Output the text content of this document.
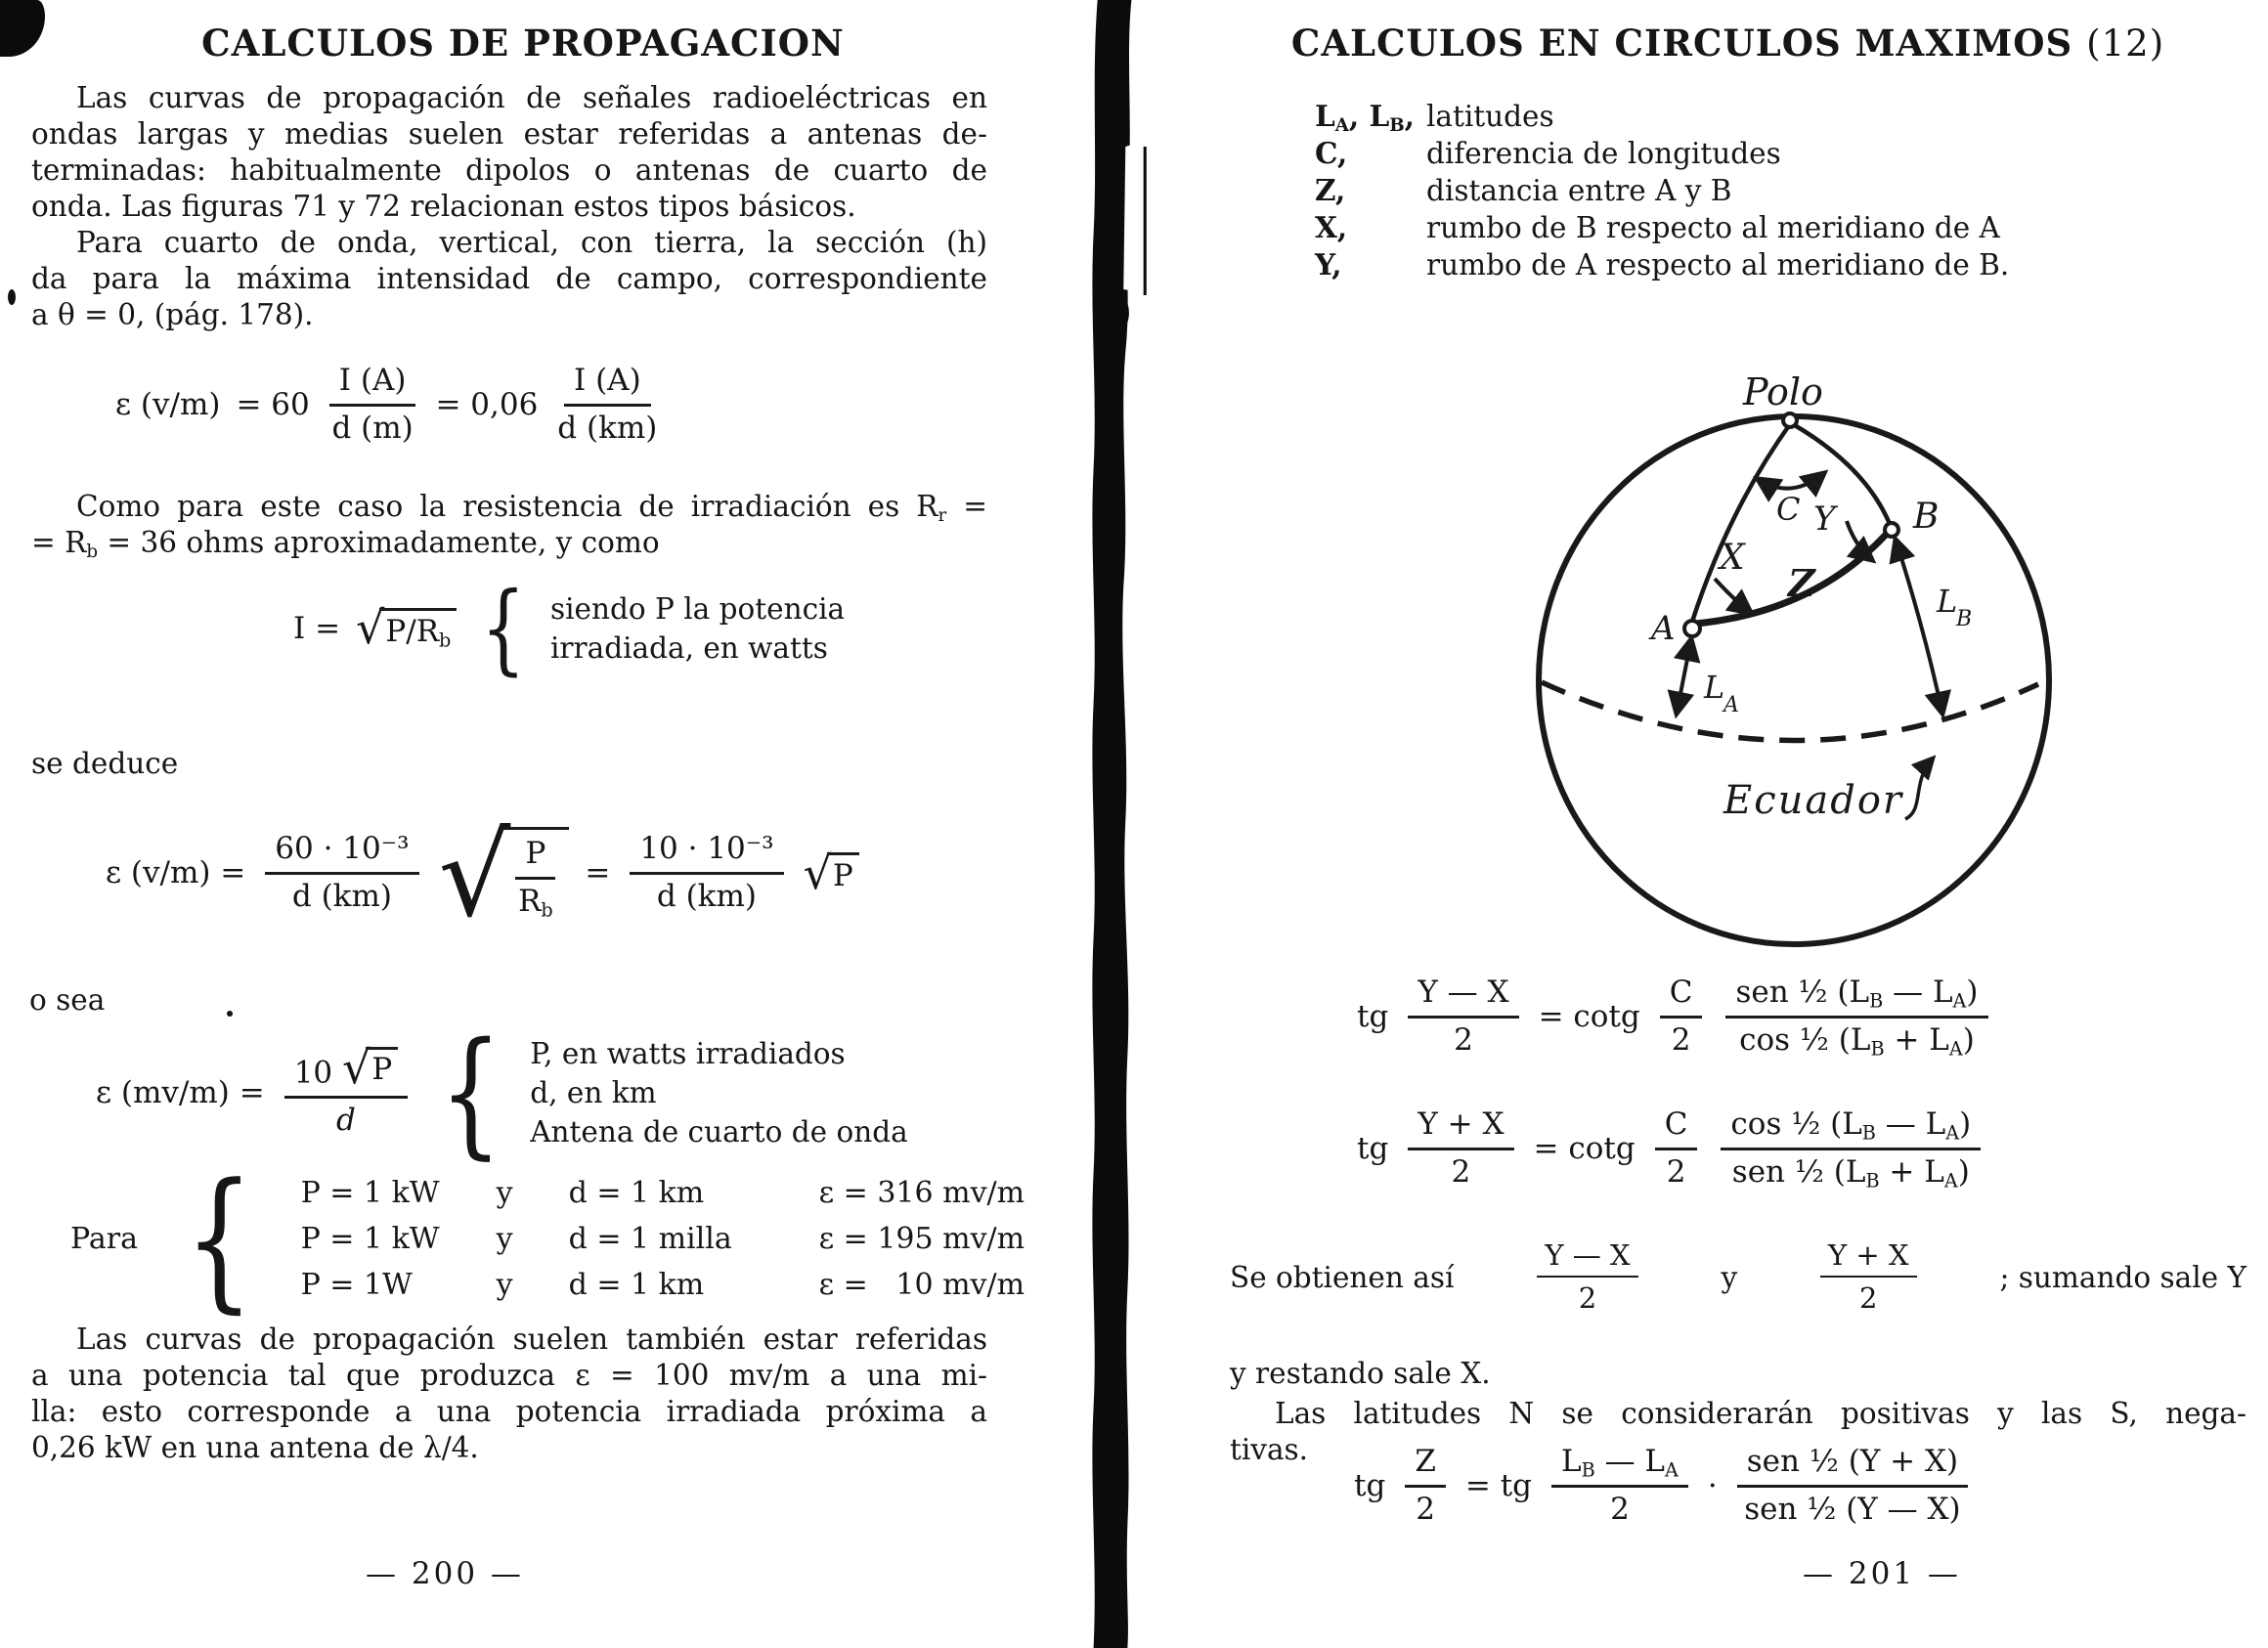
CALCULOS DE PROPAGACION
Las curvas de propagación de señales radioeléctricas en
ondas largas y medias suelen estar referidas a antenas de-
terminadas: habitualmente dipolos o antenas de cuarto de
onda. Las figuras 71 y 72 relacionan estos tipos básicos.
Para cuarto de onda, vertical, con tierra, la sección (h)
da para la máxima intensidad de campo, correspondiente
a θ = 0, (pág. 178).
ε $(v/m) = 60 \frac{I (A)}{d (m)} = 0,06 \frac{I (A)}{d (km)}$
Como para este caso la resistencia de irradiación es $R_r$ =
= $R_b = 36$ ohms aproximadamente, y como
I = √ $P/R_b$ { siendo P la potencia
irradiada, en watts
se deduce
ε $(v/m) = \frac{\text{60 · 10⁻³}}{d (km)}$ √ $\frac{P}{R_b} = \frac{\text{10 · 10⁻³}}{d (km)}$ √ P
o sea
ε $(mv/m) = \frac{10 √ P}{d}$ { P, en watts irradiados
d, en km
Antena de cuarto de onda
Para { P = 1 kW	y	d = 1 km	ε = 316 mv/m
P = 1 kW	y	d = 1 milla	ε = 195 mv/m
P = 1W	y	d = 1 km	ε =   10 mv/m
Las curvas de propagación suelen también estar referidas
a una potencia tal que produzca ε = 100 mv/m a una mi-
lla: esto corresponde a una potencia irradiada próxima a
0,26 kW en una antena de λ/4.
— 200 —
CALCULOS EN CIRCULOS MAXIMOS (12)
$L_A$, $L_B$, latitudes
C,	diferencia de longitudes
Z,	distancia entre A y B
X,	rumbo de B respecto al meridiano de A
Y,	rumbo de A respecto al meridiano de B.
Polo
C Y B
X
Z
A
L
A
L
B
Ecuador
tg $\frac{Y — X}{2} = \cot g \frac{C}{2} \frac{sen \frac{1}{2} (L_B — L_A)}{\cos \frac{1}{2} (L_B + L_A)}$
tg $\frac{Y + X}{2} = \cot g \frac{C}{2} \frac{\cos \frac{1}{2} (L_B — L_A)}{sen \frac{1}{2} (L_B + L_A)}$
Se obtienen así	$\frac{Y — X}{2}$	y	$\frac{Y + X}{2}$	; sumando sale Y
y restando sale X.
Las latitudes N se considerarán positivas y las S, nega-
tivas.
tg $\frac{Z}{2}$ = tg $\frac{L_B — L_A}{2} \cdot \frac{\text{sen ½ (Y + X)}}{\text{sen ½ (Y — X)}}$
— 201 —
